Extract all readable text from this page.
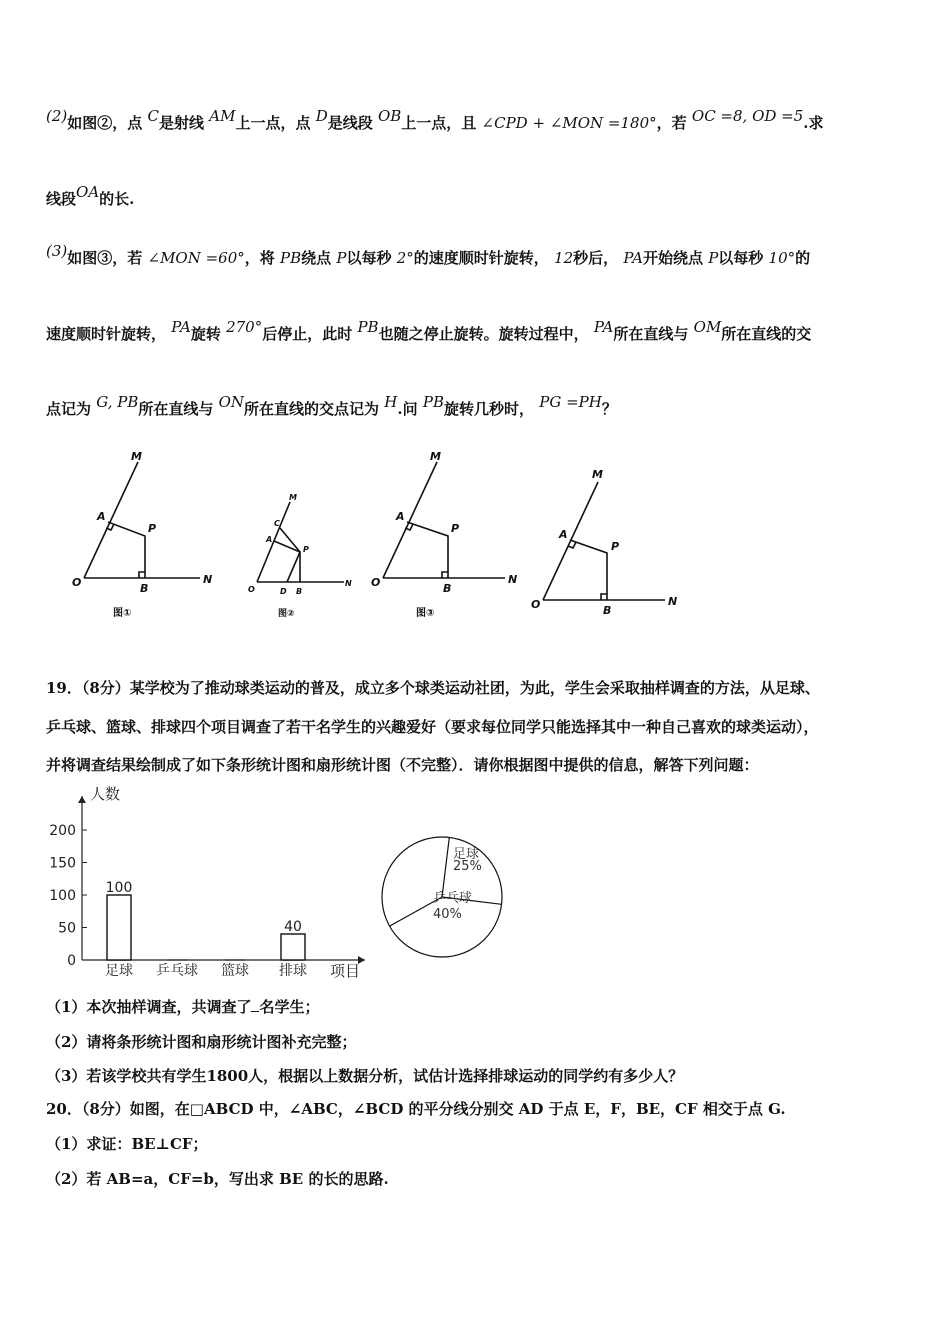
(2)如图②，点 C是射线 AM上一点，点 D是线段 OB上一点，且 ∠CPD + ∠MON =180°，若 OC =8, OD =5.求
线段OA的长.
(3)如图③，若 ∠MON =60°，将 PB绕点 P以每秒 2°的速度顺时针旋转， 12秒后， PA开始绕点 P以每秒 10°的
速度顺时针旋转， PA旋转 270°后停止，此时 PB也随之停止旋转。旋转过程中， PA所在直线与 OM所在直线的交
点记为 G, PB所在直线与 ON所在直线的交点记为 H.问 PB旋转几秒时， PG =PH？
M
A
P
O	B
N
图①
M
C
A
P
O	D B
N
图②
M
A
P
O	B
N
图③
M
A
P
O	B
N
19．（8分）某学校为了推动球类运动的普及，成立多个球类运动社团，为此，学生会采取抽样调查的方法，从足球、
乒乓球、篮球、排球四个项目调查了若干名学生的兴趣爱好（要求每位同学只能选择其中一种自己喜欢的球类运动），
并将调查结果绘制成了如下条形统计图和扇形统计图（不完整）．请你根据图中提供的信息，解答下列问题：
人数
项目
0
50
100
150
200
足球
100
乒乓球 篮球 排球
40
足球
25%
乒乓球
40%
（1）本次抽样调查，共调查了 名学生；
（2）请将条形统计图和扇形统计图补充完整；
（3）若该学校共有学生1800人，根据以上数据分析，试估计选择排球运动的同学约有多少人？
20．（8分）如图，在□ABCD 中，∠ABC，∠BCD 的平分线分别交 AD 于点 E，F，BE，CF 相交于点 G.
（1）求证：BE⊥CF；
（2）若 AB=a，CF=b，写出求 BE 的长的思路.
